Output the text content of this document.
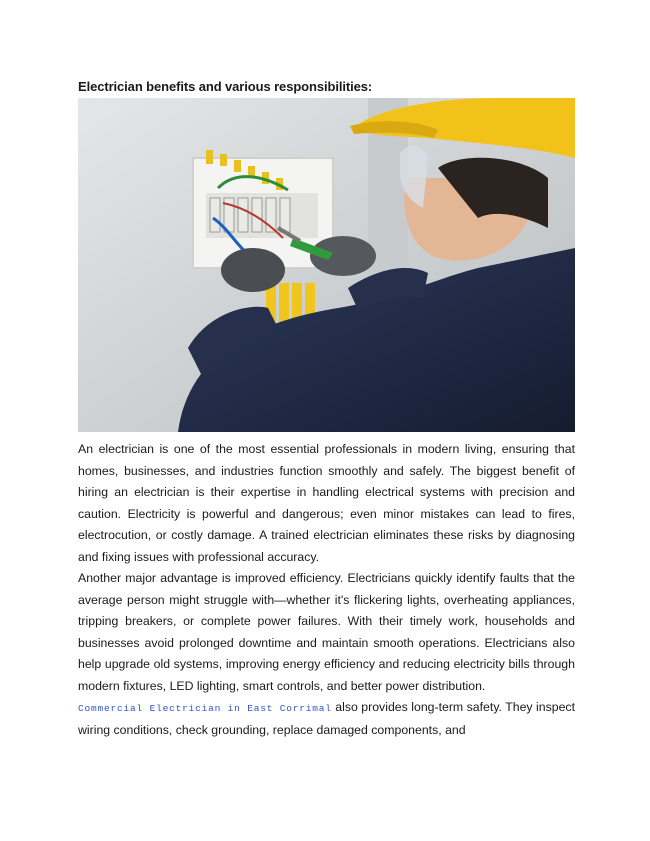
Electrician benefits and various responsibilities:

An electrician is one of the most essential professionals in modern living, ensuring that homes, businesses, and industries function smoothly and safely. The biggest benefit of hiring an electrician is their expertise in handling electrical systems with precision and caution. Electricity is powerful and dangerous; even minor mistakes can lead to fires, electrocution, or costly damage. A trained electrician eliminates these risks by diagnosing and fixing issues with professional accuracy.

Another major advantage is improved efficiency. Electricians quickly identify faults that the average person might struggle with—whether it's flickering lights, overheating appliances, tripping breakers, or complete power failures. With their timely work, households and businesses avoid prolonged downtime and maintain smooth operations. Electricians also help upgrade old systems, improving energy efficiency and reducing electricity bills through modern fixtures, LED lighting, smart controls, and better power distribution.

Commercial Electrician in East Corrimal also provides long-term safety. They inspect wiring conditions, check grounding, replace damaged components, and
